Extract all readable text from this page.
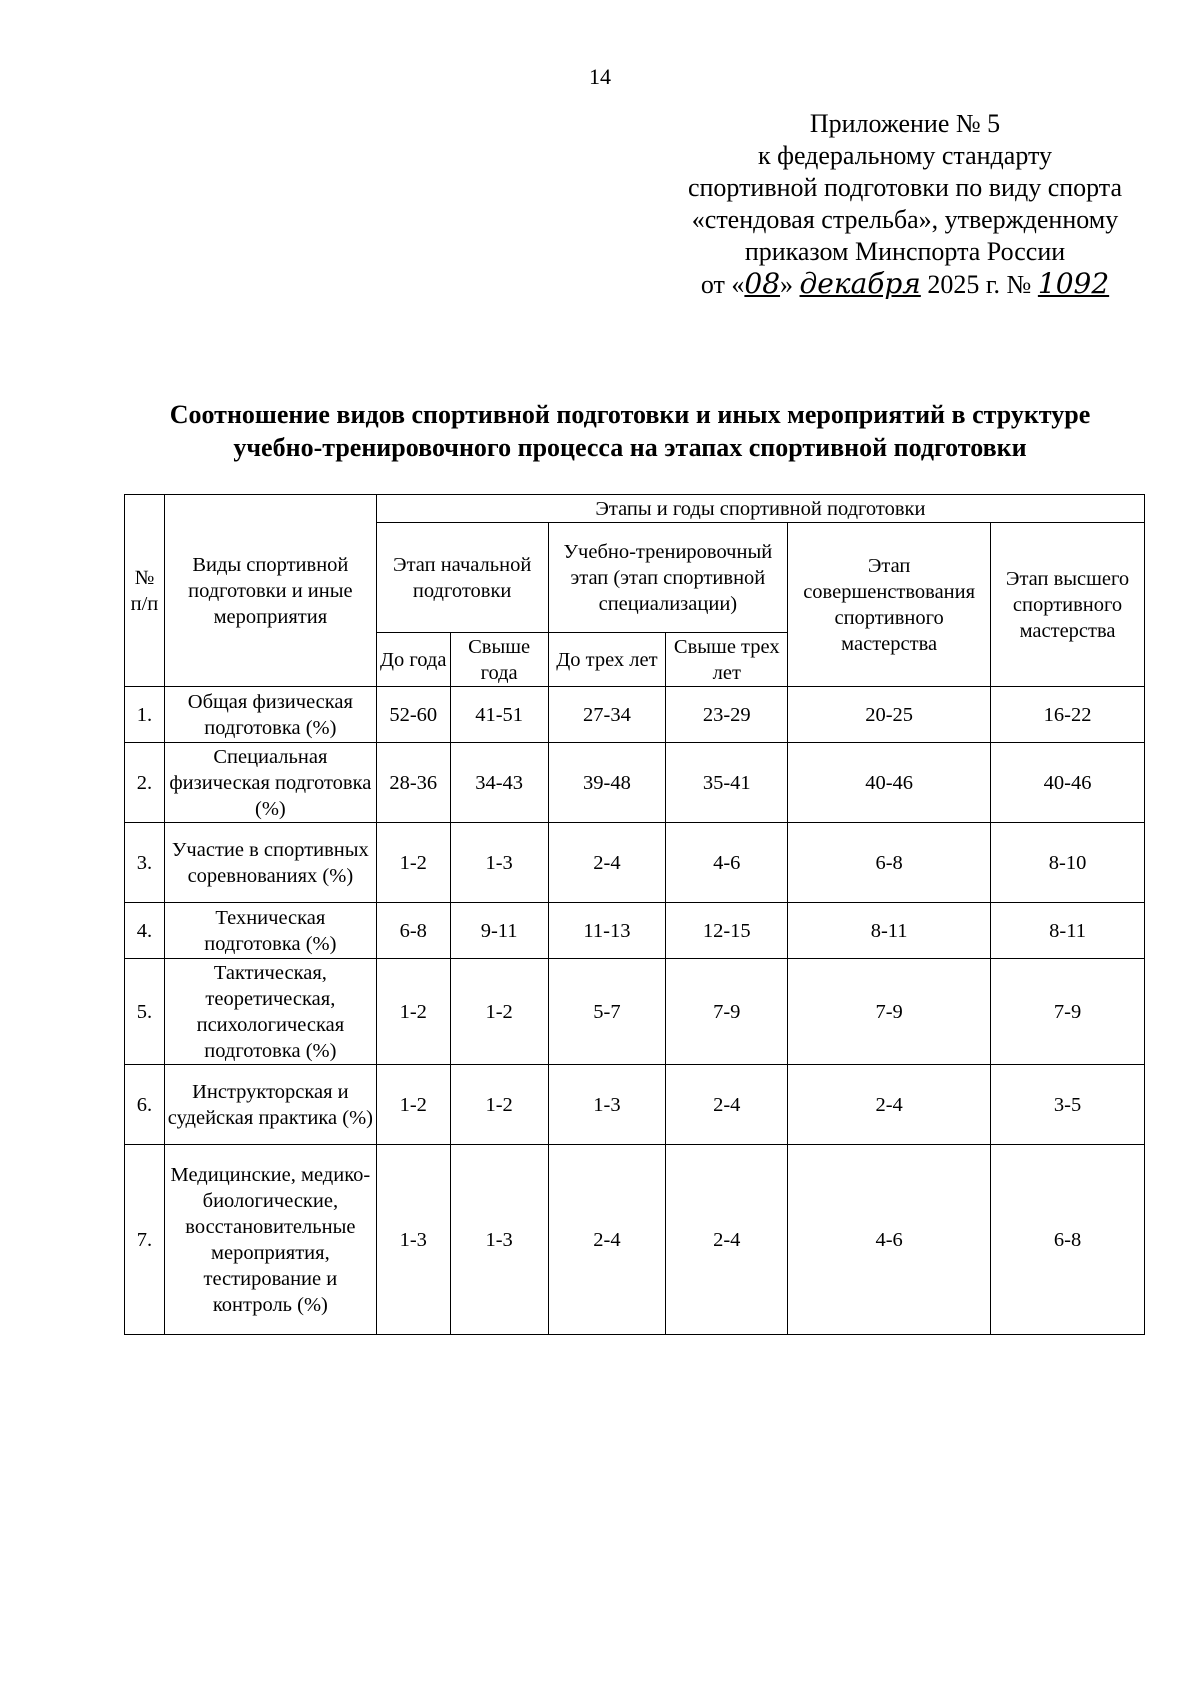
14
Приложение № 5
к федеральному стандарту
спортивной подготовки по виду спорта
«стендовая стрельба», утвержденному
приказом Минспорта России
от «08» декабря 2025 г. № 1092
Соотношение видов спортивной подготовки и иных мероприятий в структуре
учебно-тренировочного процесса на этапах спортивной подготовки
№ п/п	Виды спортивной подготовки и иные мероприятия	Этапы и годы спортивной подготовки					
		Этап начальной подготовки		Учебно-тренировочный этап (этап спортивной специализации)		Этап совершенствования спортивного мастерства	Этап высшего спортивного мастерства
		До года	Свыше года	До трех лет	Свыше трех лет		
1.	Общая физическая подготовка (%)	52-60	41-51	27-34	23-29	20-25	16-22
2.	Специальная физическая подготовка (%)	28-36	34-43	39-48	35-41	40-46	40-46
3.	Участие в спортивных соревнованиях (%)	1-2	1-3	2-4	4-6	6-8	8-10
4.	Техническая подготовка (%)	6-8	9-11	11-13	12-15	8-11	8-11
5.	Тактическая, теоретическая, психологическая подготовка (%)	1-2	1-2	5-7	7-9	7-9	7-9
6.	Инструкторская и судейская практика (%)	1-2	1-2	1-3	2-4	2-4	3-5
7.	Медицинские, медико-биологические, восстановительные мероприятия, тестирование и контроль (%)	1-3	1-3	2-4	2-4	4-6	6-8
